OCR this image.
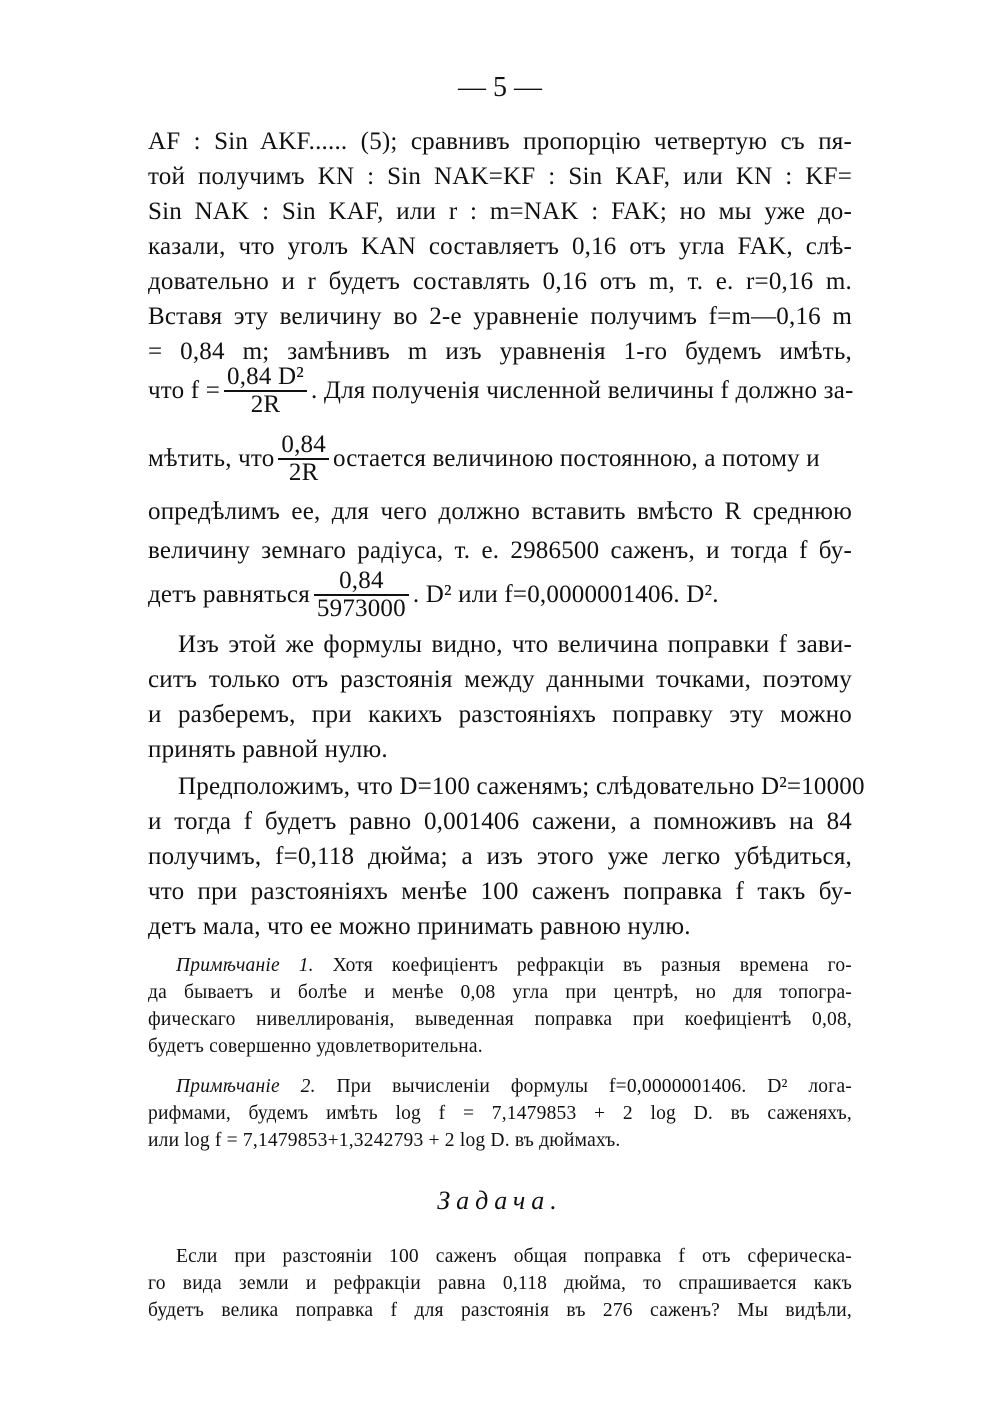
— 5 —
AF : Sin AKF...... (5); сравнивъ пропорцію четвертую съ пя-
той получимъ KN : Sin NAK=KF : Sin KAF, или KN : KF=
Sin NAK : Sin KAF, или r : m=NAK : FAK; но мы уже до-
казали, что уголъ KAN составляетъ 0,16 отъ угла FAK, слѣ-
довательно и r будетъ составлять 0,16 отъ m, т. е. r=0,16 m.
Вставя эту величину во 2-е уравненіе получимъ f=m—0,16 m
= 0,84 m; замѣнивъ m изъ уравненія 1-го будемъ имѣть,
что $f = \frac{\text{0,84 D²}}{2R}$ . Для полученія численной величины f должно за-
мѣтить, что $\frac{0,84}{2R}$ остается величиною постоянною, а потому и
опредѣлимъ ее, для чего должно вставить вмѣсто R среднюю
величину земнаго радіуса, т. е. 2986500 саженъ, и тогда f бу-
детъ равняться $\frac{0,84}{5973000}$ . D² или f=0,0000001406. D².
Изъ этой же формулы видно, что величина поправки f зави-
ситъ только отъ разстоянія между данными точками, поэтому
и разберемъ, при какихъ разстояніяхъ поправку эту можно
принять равной нулю.
Предположимъ, что D=100 саженямъ; слѣдовательно D²=10000
и тогда f будетъ равно 0,001406 сажени, а помноживъ на 84
получимъ, f=0,118 дюйма; а изъ этого уже легко убѣдиться,
что при разстояніяхъ менѣе 100 саженъ поправка f такъ бу-
детъ мала, что ее можно принимать равною нулю.
Примѣчаніе 1. Хотя коефиціентъ рефракціи въ разныя времена го-
да бываетъ и болѣе и менѣе 0,08 угла при центрѣ, но для топогра-
фическаго нивеллированія, выведенная поправка при коефиціентѣ 0,08,
будетъ совершенно удовлетворительна.
Примѣчаніе 2. При вычисленіи формулы f=0,0000001406. D² лога-
рифмами, будемъ имѣть log f = 7,1479853 + 2 log D. въ саженяхъ,
или log f = 7,1479853+1,3242793 + 2 log D. въ дюймахъ.
Задача.
Если при разстояніи 100 саженъ общая поправка f отъ сферическа-
го вида земли и рефракціи равна 0,118 дюйма, то спрашивается какъ
будетъ велика поправка f для разстоянія въ 276 саженъ? Мы видѣли,
